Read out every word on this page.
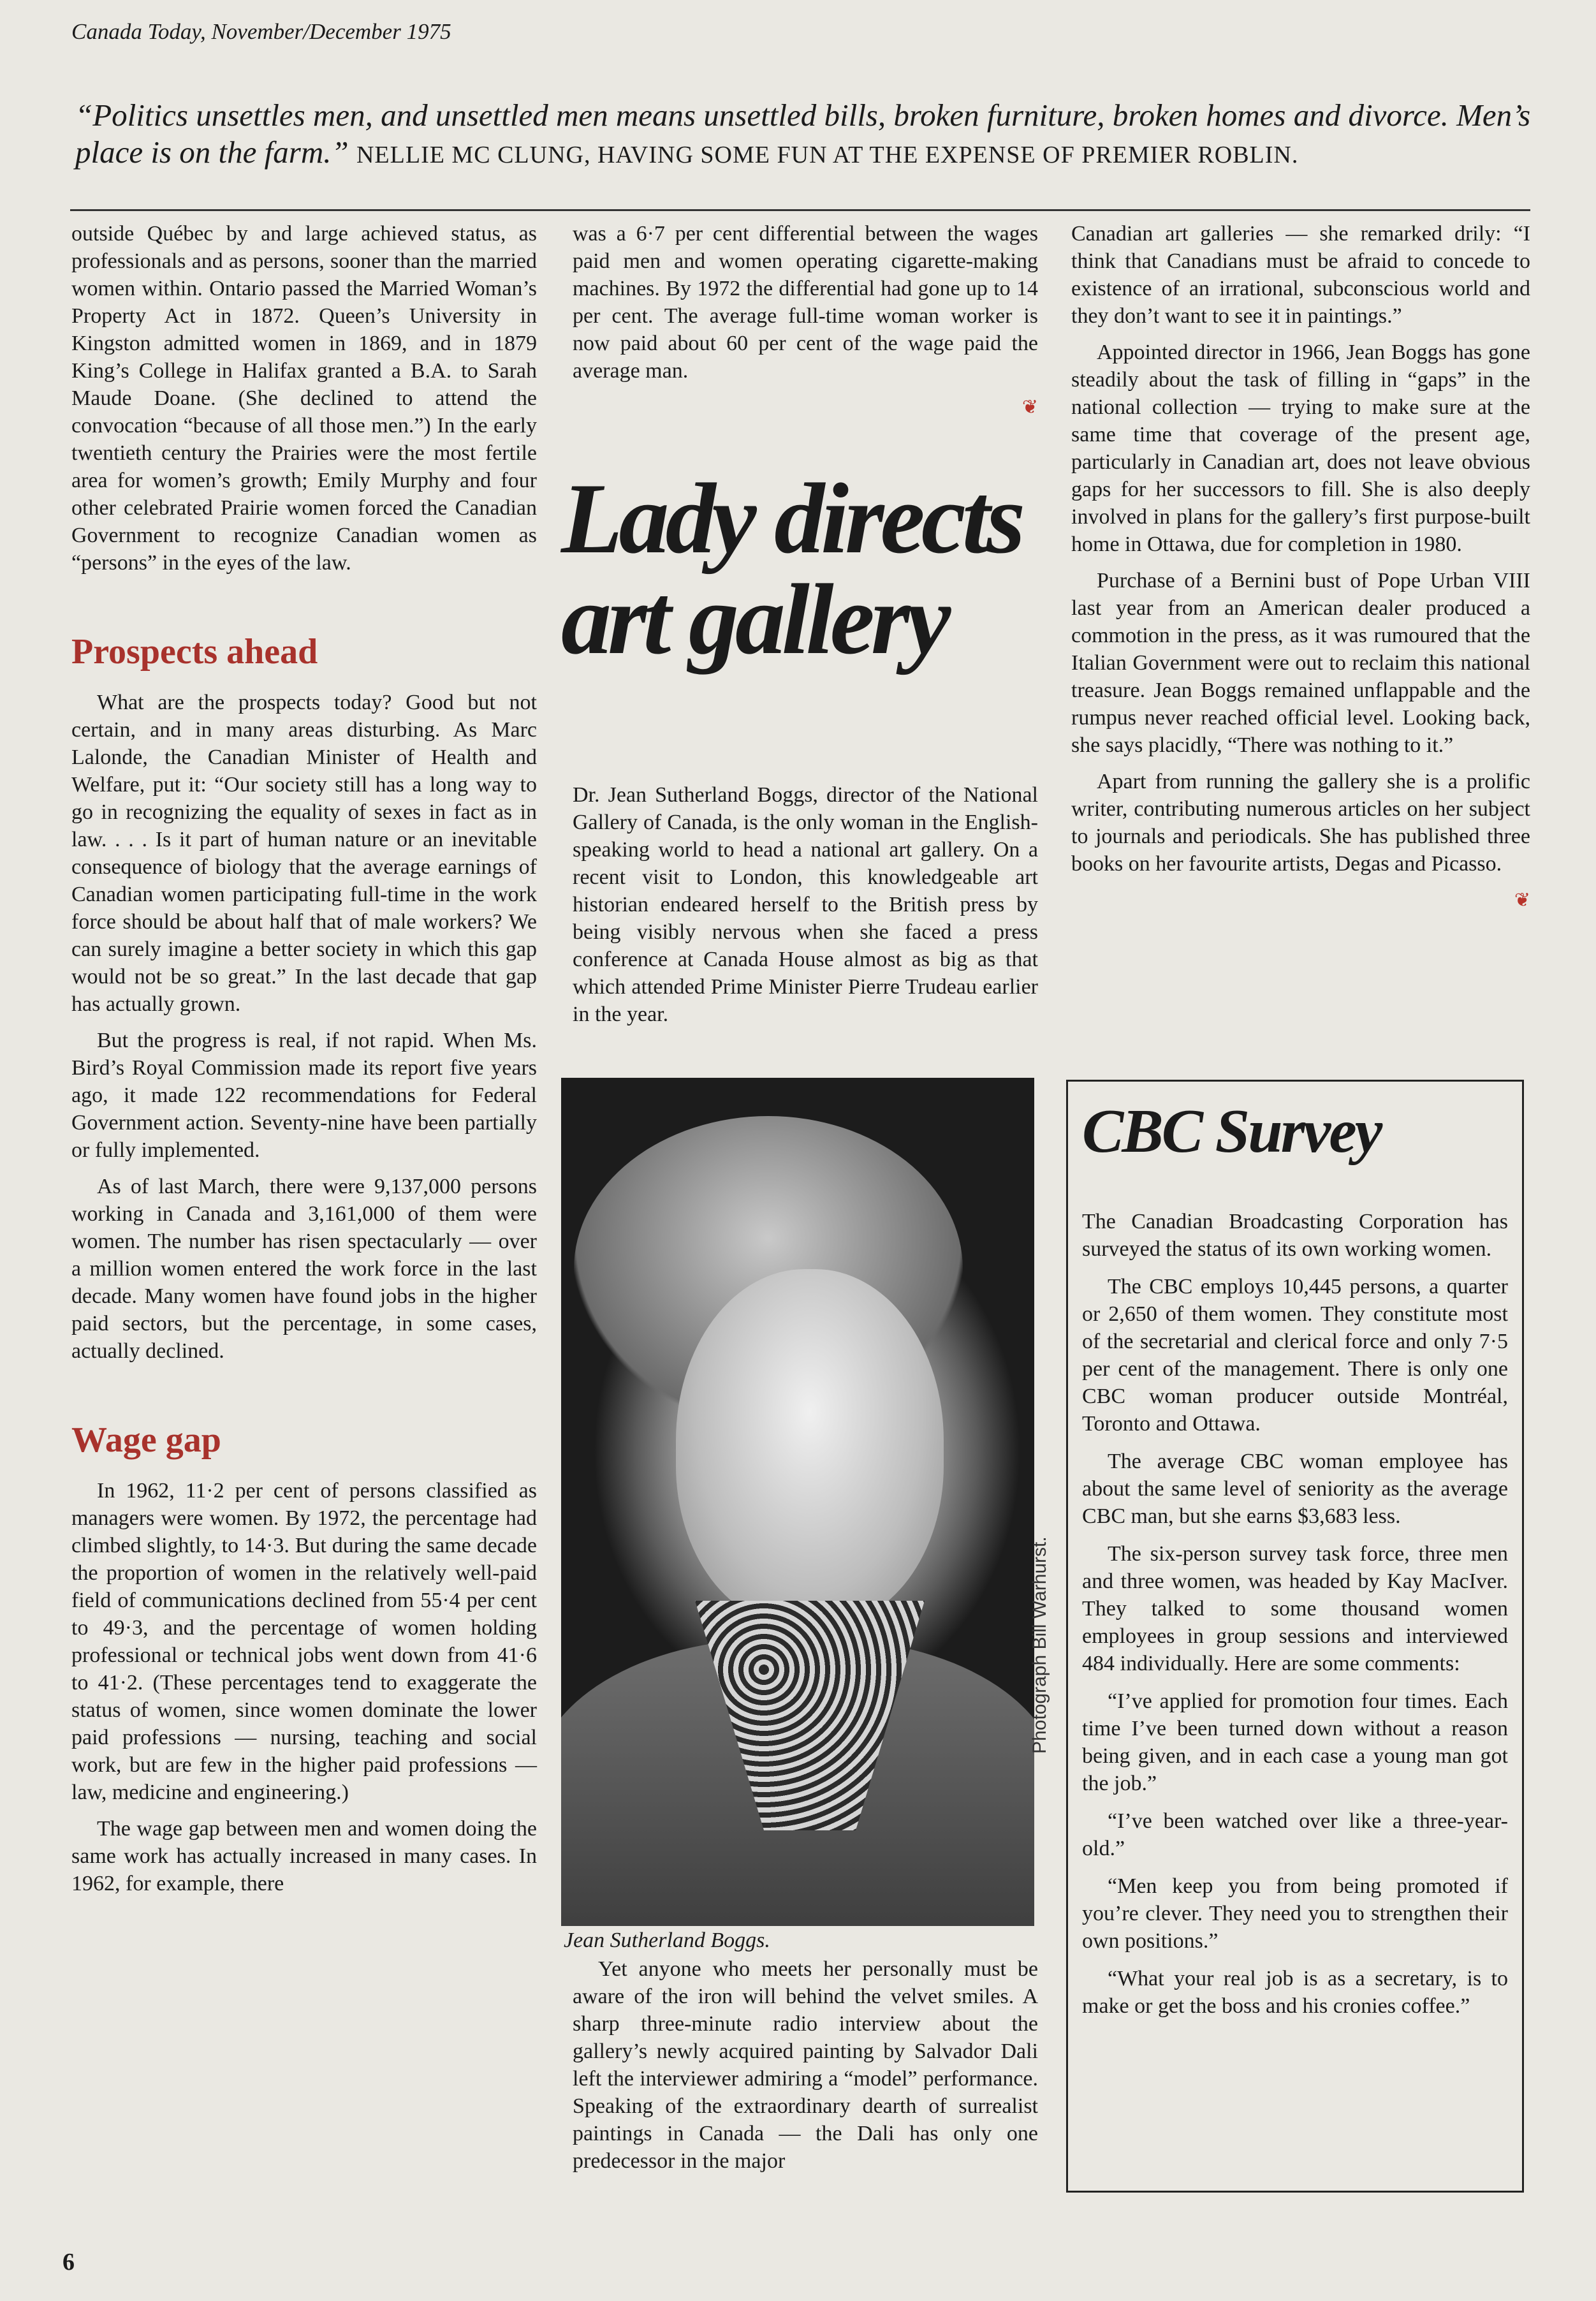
Canada Today, November/December 1975
“Politics unsettles men, and unsettled men means unsettled bills, broken furniture, broken homes and divorce. Men’s place is on the farm.” NELLIE MC CLUNG, HAVING SOME FUN AT THE EXPENSE OF PREMIER ROBLIN.

outside Québec by and large achieved status, as professionals and as persons, sooner than the married women within. Ontario passed the Married Woman’s Property Act in 1872. Queen’s University in Kingston admitted women in 1869, and in 1879 King’s College in Halifax granted a B.A. to Sarah Maude Doane. (She declined to attend the convocation “because of all those men.”) In the early twentieth century the Prairies were the most fertile area for women’s growth; Emily Murphy and four other celebrated Prairie women forced the Canadian Government to recognize Canadian women as “persons” in the eyes of the law.

Prospects ahead

What are the prospects today? Good but not certain, and in many areas disturbing. As Marc Lalonde, the Canadian Minister of Health and Welfare, put it: “Our society still has a long way to go in recognizing the equality of sexes in fact as in law. . . . Is it part of human nature or an inevitable consequence of biology that the average earnings of Canadian women participating full-time in the work force should be about half that of male workers? We can surely imagine a better society in which this gap would not be so great.” In the last decade that gap has actually grown.

But the progress is real, if not rapid. When Ms. Bird’s Royal Commission made its report five years ago, it made 122 recommendations for Federal Government action. Seventy-nine have been partially or fully implemented.

As of last March, there were 9,137,000 persons working in Canada and 3,161,000 of them were women. The number has risen spectacularly — over a million women entered the work force in the last decade. Many women have found jobs in the higher paid sectors, but the percentage, in some cases, actually declined.

Wage gap

In 1962, 11·2 per cent of persons classified as managers were women. By 1972, the percentage had climbed slightly, to 14·3. But during the same decade the proportion of women in the relatively well-paid field of communications declined from 55·4 per cent to 49·3, and the percentage of women holding professional or technical jobs went down from 41·6 to 41·2. (These percentages tend to exaggerate the status of women, since women dominate the lower paid professions — nursing, teaching and social work, but are few in the higher paid professions — law, medicine and engineering.)

The wage gap between men and women doing the same work has actually increased in many cases. In 1962, for example, there

was a 6·7 per cent differential between the wages paid men and women operating cigarette-making machines. By 1972 the differential had gone up to 14 per cent. The average full-time woman worker is now paid about 60 per cent of the wage paid the average man.

❦
Lady directs art gallery

Dr. Jean Sutherland Boggs, director of the National Gallery of Canada, is the only woman in the English-speaking world to head a national art gallery. On a recent visit to London, this knowledgeable art historian endeared herself to the British press by being visibly nervous when she faced a press conference at Canada House almost as big as that which attended Prime Minister Pierre Trudeau earlier in the year.

Photograph Bill Warhurst.
Jean Sutherland Boggs.

Yet anyone who meets her personally must be aware of the iron will behind the velvet smiles. A sharp three-minute radio interview about the gallery’s newly acquired painting by Salvador Dali left the interviewer admiring a “model” performance. Speaking of the extraordinary dearth of surrealist paintings in Canada — the Dali has only one predecessor in the major

Canadian art galleries — she remarked drily: “I think that Canadians must be afraid to concede to existence of an irrational, subconscious world and they don’t want to see it in paintings.”

Appointed director in 1966, Jean Boggs has gone steadily about the task of filling in “gaps” in the national collection — trying to make sure at the same time that coverage of the present age, particularly in Canadian art, does not leave obvious gaps for her successors to fill. She is also deeply involved in plans for the gallery’s first purpose-built home in Ottawa, due for completion in 1980.

Purchase of a Bernini bust of Pope Urban VIII last year from an American dealer produced a commotion in the press, as it was rumoured that the Italian Government were out to reclaim this national treasure. Jean Boggs remained unflappable and the rumpus never reached official level. Looking back, she says placidly, “There was nothing to it.”

Apart from running the gallery she is a prolific writer, contributing numerous articles on her subject to journals and periodicals. She has published three books on her favourite artists, Degas and Picasso.

❦
CBC Survey

The Canadian Broadcasting Corporation has surveyed the status of its own working women.

The CBC employs 10,445 persons, a quarter or 2,650 of them women. They constitute most of the secretarial and clerical force and only 7·5 per cent of the management. There is only one CBC woman producer outside Montréal, Toronto and Ottawa.

The average CBC woman employee has about the same level of seniority as the average CBC man, but she earns $3,683 less.

The six-person survey task force, three men and three women, was headed by Kay MacIver. They talked to some thousand women employees in group sessions and interviewed 484 individually. Here are some comments:

“I’ve applied for promotion four times. Each time I’ve been turned down without a reason being given, and in each case a young man got the job.”

“I’ve been watched over like a three-year-old.”

“Men keep you from being promoted if you’re clever. They need you to strengthen their own positions.”

“What your real job is as a secretary, is to make or get the boss and his cronies coffee.”

6
